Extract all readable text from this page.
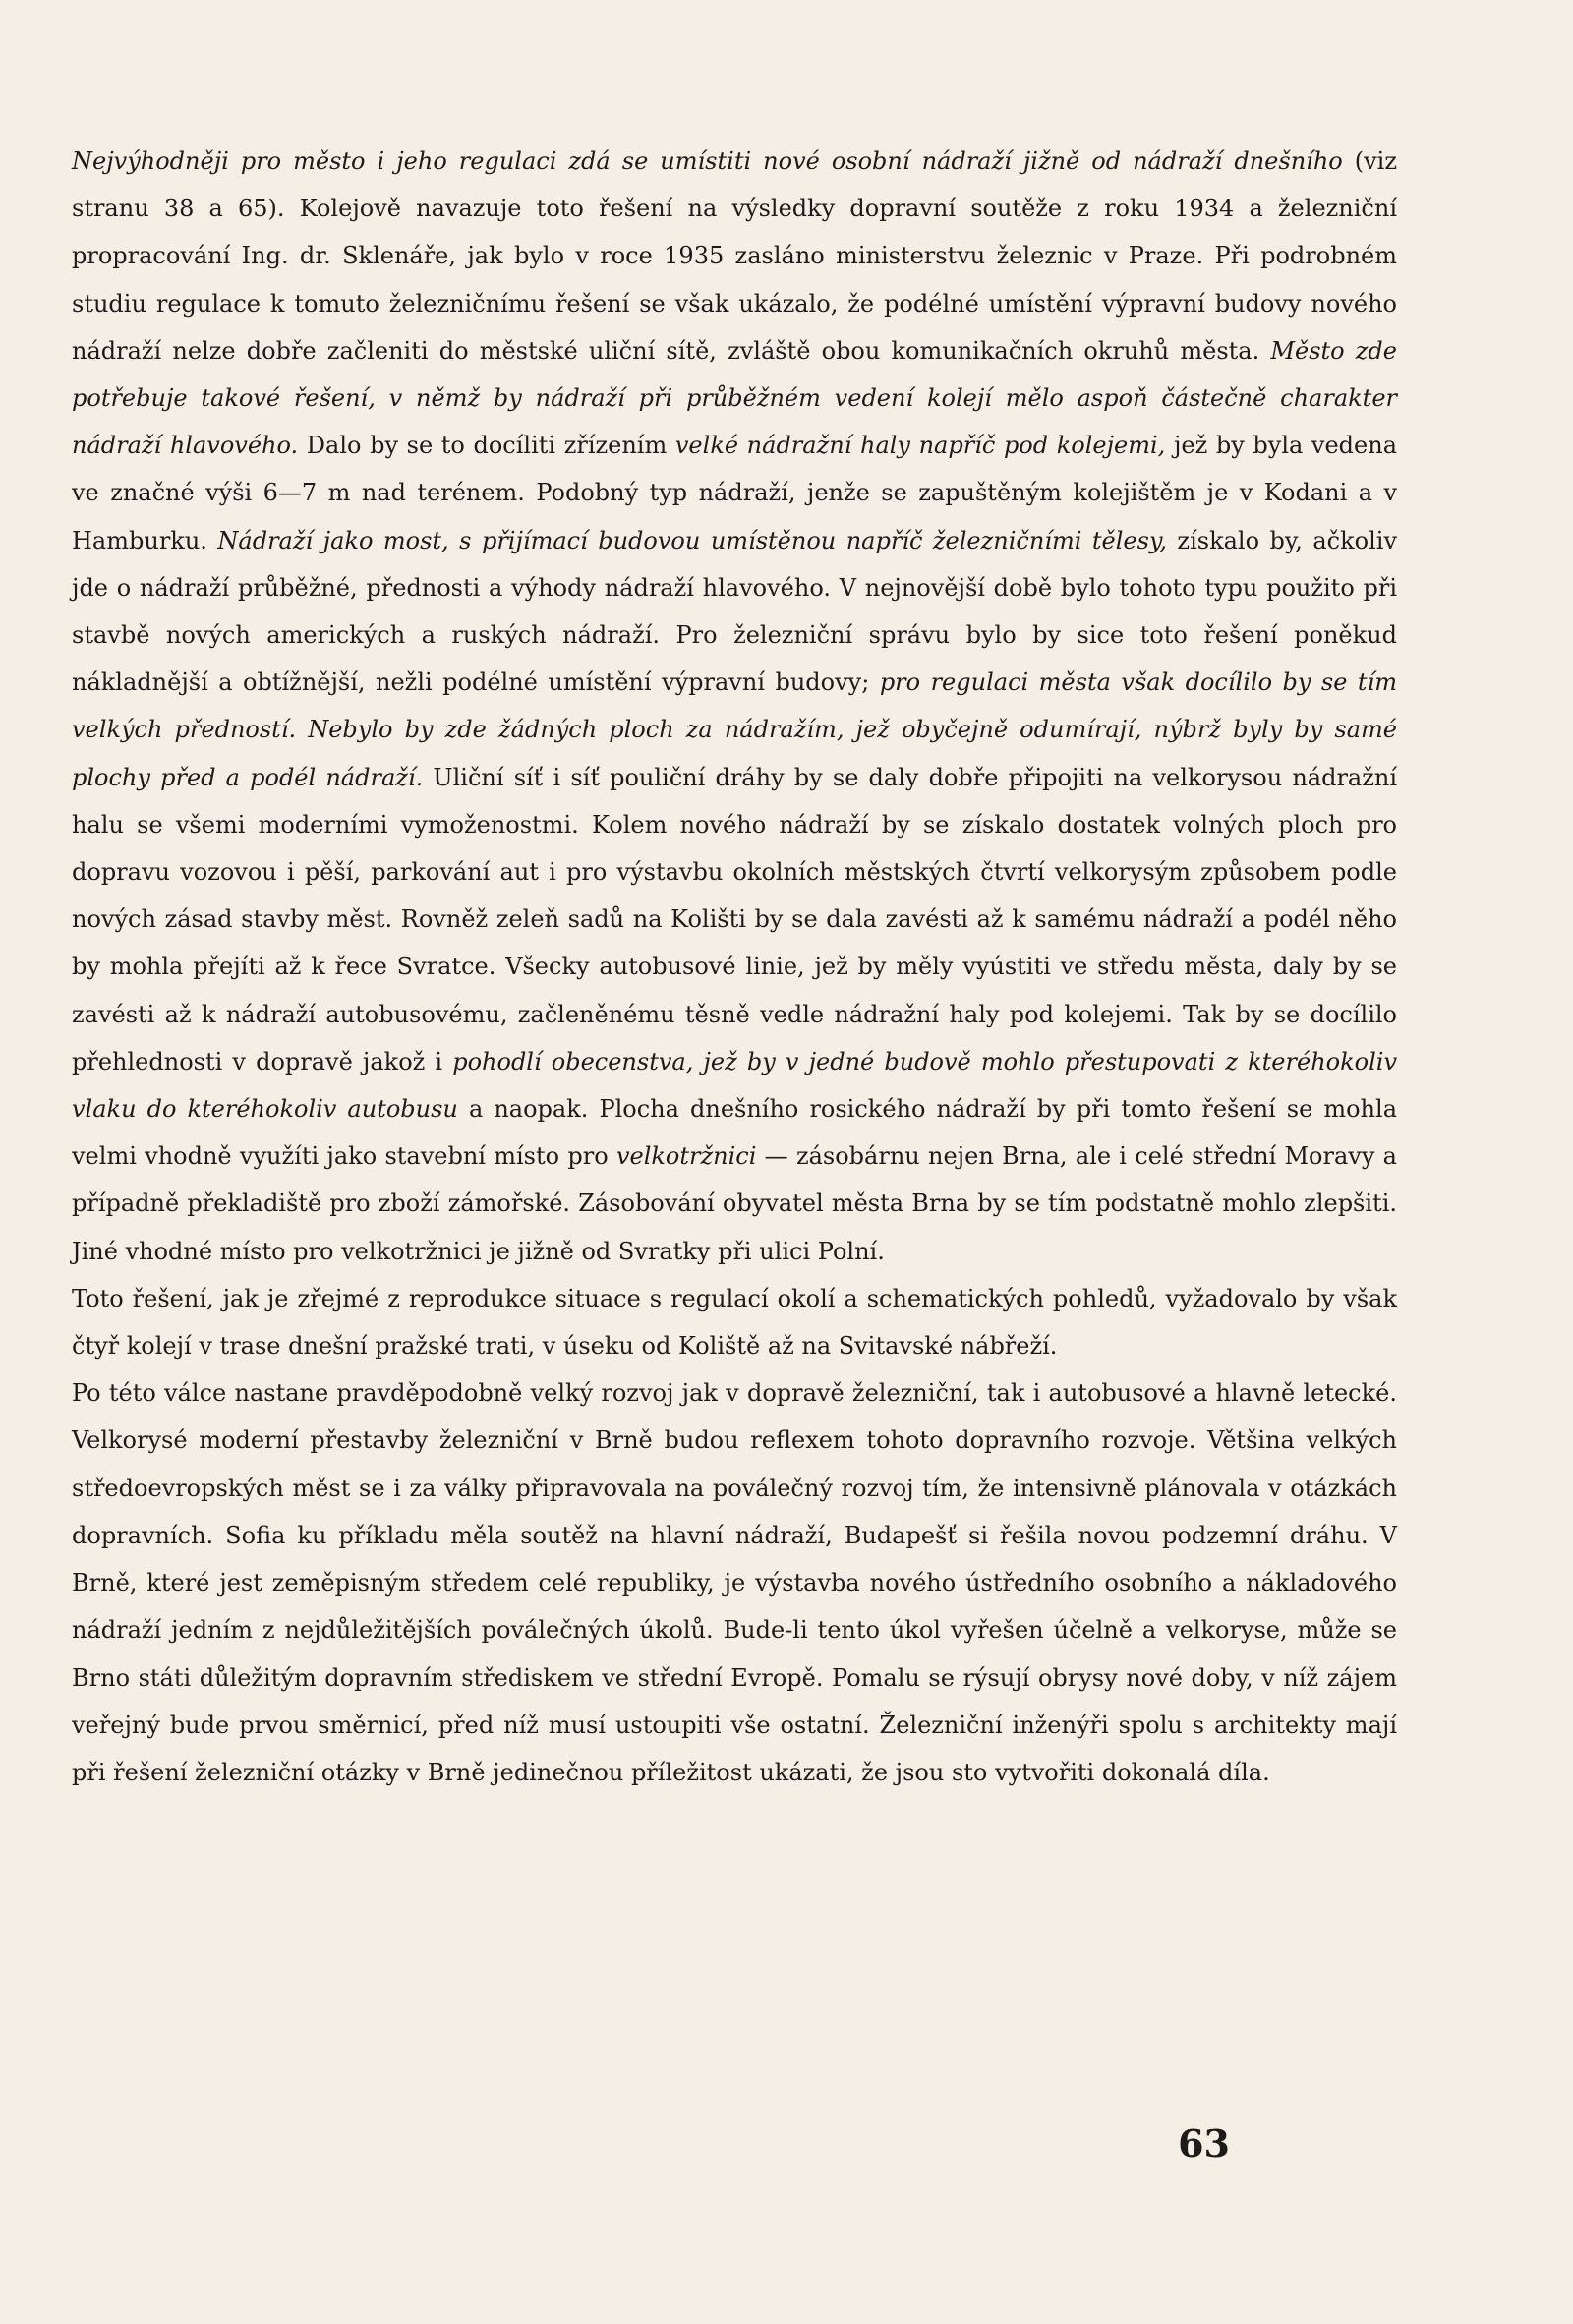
Nejvýhodněji pro město i jeho regulaci zdá se umístiti nové osobní nádraží jižně od nádraží dnešního (viz stranu 38 a 65). Kolejově navazuje toto řešení na výsledky dopravní soutěže z roku 1934 a železniční propracování Ing. dr. Sklenáře, jak bylo v roce 1935 zasláno ministerstvu železnic v Praze. Při podrobném studiu regulace k tomuto železničnímu řešení se však ukázalo, že podélné umístění výpravní budovy nového nádraží nelze dobře začleniti do městské uliční sítě, zvláště obou komunikačních okruhů města. Město zde potřebuje takové řešení, v němž by nádraží při průběžném vedení kolejí mělo aspoň částečně charakter nádraží hlavového. Dalo by se to docíliti zřízením velké nádražní haly napříč pod kolejemi, jež by byla vedena ve značné výši 6—7 m nad terénem. Podobný typ nádraží, jenže se zapuštěným kolejištěm je v Kodani a v Hamburku. Nádraží jako most, s přijímací budovou umístěnou napříč železničními tělesy, získalo by, ačkoliv jde o nádraží průběžné, přednosti a výhody nádraží hlavového. V nejnovější době bylo tohoto typu použito při stavbě nových amerických a ruských nádraží. Pro železniční správu bylo by sice toto řešení poněkud nákladnější a obtížnější, nežli podélné umístění výpravní budovy; pro regulaci města však docílilo by se tím velkých předností. Nebylo by zde žádných ploch za nádražím, jež obyčejně odumírají, nýbrž byly by samé plochy před a podél nádraží. Uliční síť i síť pouliční dráhy by se daly dobře připojiti na velkorysou nádražní halu se všemi moderními vymoženostmi. Kolem nového nádraží by se získalo dostatek volných ploch pro dopravu vozovou i pěší, parkování aut i pro výstavbu okolních městských čtvrtí velkorysým způsobem podle nových zásad stavby měst. Rovněž zeleň sadů na Kolišti by se dala zavésti až k samému nádraží a podél něho by mohla přejíti až k řece Svratce. Všecky autobusové linie, jež by měly vyústiti ve středu města, daly by se zavésti až k nádraží autobusovému, začleněnému těsně vedle nádražní haly pod kolejemi. Tak by se docílilo přehlednosti v dopravě jakož i pohodlí obecenstva, jež by v jedné budově mohlo přestupovati z kteréhokoliv vlaku do kteréhokoliv autobusu a naopak. Plocha dnešního rosického nádraží by při tomto řešení se mohla velmi vhodně využíti jako stavební místo pro velkotržnici — zásobárnu nejen Brna, ale i celé střední Moravy a případně překladiště pro zboží zámořské. Zásobování obyvatel města Brna by se tím podstatně mohlo zlepšiti. Jiné vhodné místo pro velkotržnici je jižně od Svratky při ulici Polní.

Toto řešení, jak je zřejmé z reprodukce situace s regulací okolí a schematických pohledů, vyžadovalo by však čtyř kolejí v trase dnešní pražské trati, v úseku od Koliště až na Svitavské nábřeží.

Po této válce nastane pravděpodobně velký rozvoj jak v dopravě železniční, tak i autobusové a hlavně letecké. Velkorysé moderní přestavby železniční v Brně budou reflexem tohoto dopravního rozvoje. Většina velkých středoevropských měst se i za války připravovala na poválečný rozvoj tím, že intensivně plánovala v otázkách dopravních. Sofia ku příkladu měla soutěž na hlavní nádraží, Budapešť si řešila novou podzemní dráhu. V Brně, které jest zeměpisným středem celé republiky, je výstavba nového ústředního osobního a nákladového nádraží jedním z nejdůležitějších poválečných úkolů. Bude-li tento úkol vyřešen účelně a velkoryse, může se Brno státi důležitým dopravním střediskem ve střední Evropě. Pomalu se rýsují obrysy nové doby, v níž zájem veřejný bude prvou směrnicí, před níž musí ustoupiti vše ostatní. Železniční inženýři spolu s architekty mají při řešení železniční otázky v Brně jedinečnou příležitost ukázati, že jsou sto vytvořiti dokonalá díla.

63
